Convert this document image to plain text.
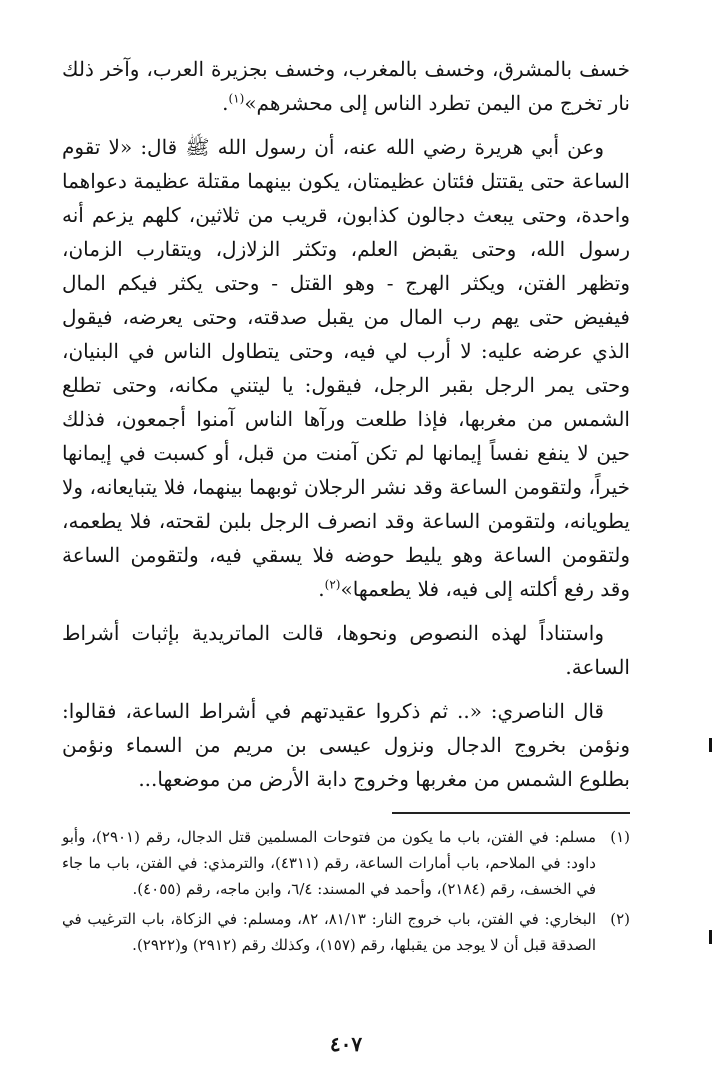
خسف بالمشرق، وخسف بالمغرب، وخسف بجزيرة العرب، وآخر ذلك نار تخرج من اليمن تطرد الناس إلى محشرهم»$^{(١)}$.

وعن أبي هريرة رضي الله عنه، أن رسول الله ﷺ قال: «لا تقوم الساعة حتى يقتتل فئتان عظيمتان، يكون بينهما مقتلة عظيمة دعواهما واحدة، وحتى يبعث دجالون كذابون، قريب من ثلاثين، كلهم يزعم أنه رسول الله، وحتى يقبض العلم، وتكثر الزلازل، ويتقارب الزمان، وتظهر الفتن، ويكثر الهرج - وهو القتل - وحتى يكثر فيكم المال فيفيض حتى يهم رب المال من يقبل صدقته، وحتى يعرضه، فيقول الذي عرضه عليه: لا أرب لي فيه، وحتى يتطاول الناس في البنيان، وحتى يمر الرجل بقبر الرجل، فيقول: يا ليتني مكانه، وحتى تطلع الشمس من مغربها، فإذا طلعت ورآها الناس آمنوا أجمعون، فذلك حين لا ينفع نفساً إيمانها لم تكن آمنت من قبل، أو كسبت في إيمانها خيراً، ولتقومن الساعة وقد نشر الرجلان ثوبهما بينهما، فلا يتبايعانه، ولا يطويانه، ولتقومن الساعة وقد انصرف الرجل بلبن لقحته، فلا يطعمه، ولتقومن الساعة وهو يليط حوضه فلا يسقي فيه، ولتقومن الساعة وقد رفع أكلته إلى فيه، فلا يطعمها»$^{(٢)}$.

واستناداً لهذه النصوص ونحوها، قالت الماتريدية بإثبات أشراط الساعة.

قال الناصري: «.. ثم ذكروا عقيدتهم في أشراط الساعة، فقالوا: ونؤمن بخروج الدجال ونزول عيسى بن مريم من السماء ونؤمن بطلوع الشمس من مغربها وخروج دابة الأرض من موضعها...

(١)
مسلم: في الفتن، باب ما يكون من فتوحات المسلمين قتل الدجال، رقم (٢٩٠١)، وأبو داود: في الملاحم، باب أمارات الساعة، رقم (٤٣١١)، والترمذي: في الفتن، باب ما جاء في الخسف، رقم (٢١٨٤)، وأحمد في المسند: ٦/٤، وابن ماجه، رقم (٤٠٥٥).
(٢)
البخاري: في الفتن، باب خروج النار: ٨١/١٣، ٨٢، ومسلم: في الزكاة، باب الترغيب في الصدقة قبل أن لا يوجد من يقبلها، رقم (١٥٧)، وكذلك رقم (٢٩١٢) و(٢٩٢٢).
٤٠٧
